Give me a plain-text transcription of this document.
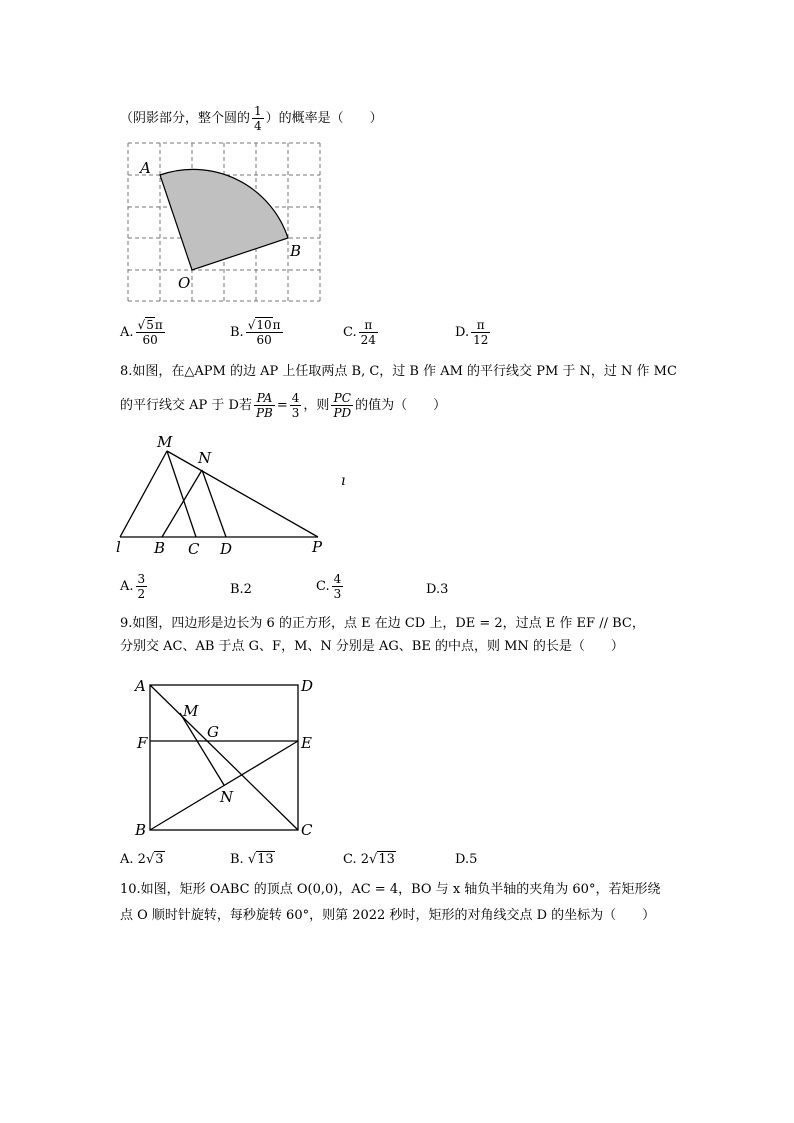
（阴影部分，整个圆的 $\frac{1}{4}$ ）的概率是（　　）
A
B
O
A. $\frac{√5\pi}{60}$	B. $\frac{√10\pi}{60}$	C. $\frac{\pi}{24}$	D. $\frac{\pi}{12}$
8.如图，在△APM 的边 AP 上任取两点 B, C，过 B 作 AM 的平行线交 PM 于 N，过 N 作 MC
的平行线交 AP 于 D若 $\frac{PA}{PB} = \frac{4}{3}$ ，则 $\frac{PC}{PD}$ 的值为（　　）
M
N
l B C D	P
ı
A. $\frac{3}{2}$	B.2	C. $\frac{4}{3}$	D.3
9.如图，四边形是边长为 6 的正方形，点 E 在边 CD 上，DE = 2，过点 E 作 EF // BC，
分别交 AC、AB 于点 G、F，M、N 分别是 AG、BE 的中点，则 MN 的长是（　　）
A	D
F	E
B	C
M
G
N
A. 2√3	B. √13	C. 2√13	D.5
10.如图，矩形 OABC 的顶点 O(0,0)，AC = 4，BO 与 x 轴负半轴的夹角为 60°，若矩形绕
点 O 顺时针旋转，每秒旋转 60°，则第 2022 秒时，矩形的对角线交点 D 的坐标为（　　）
